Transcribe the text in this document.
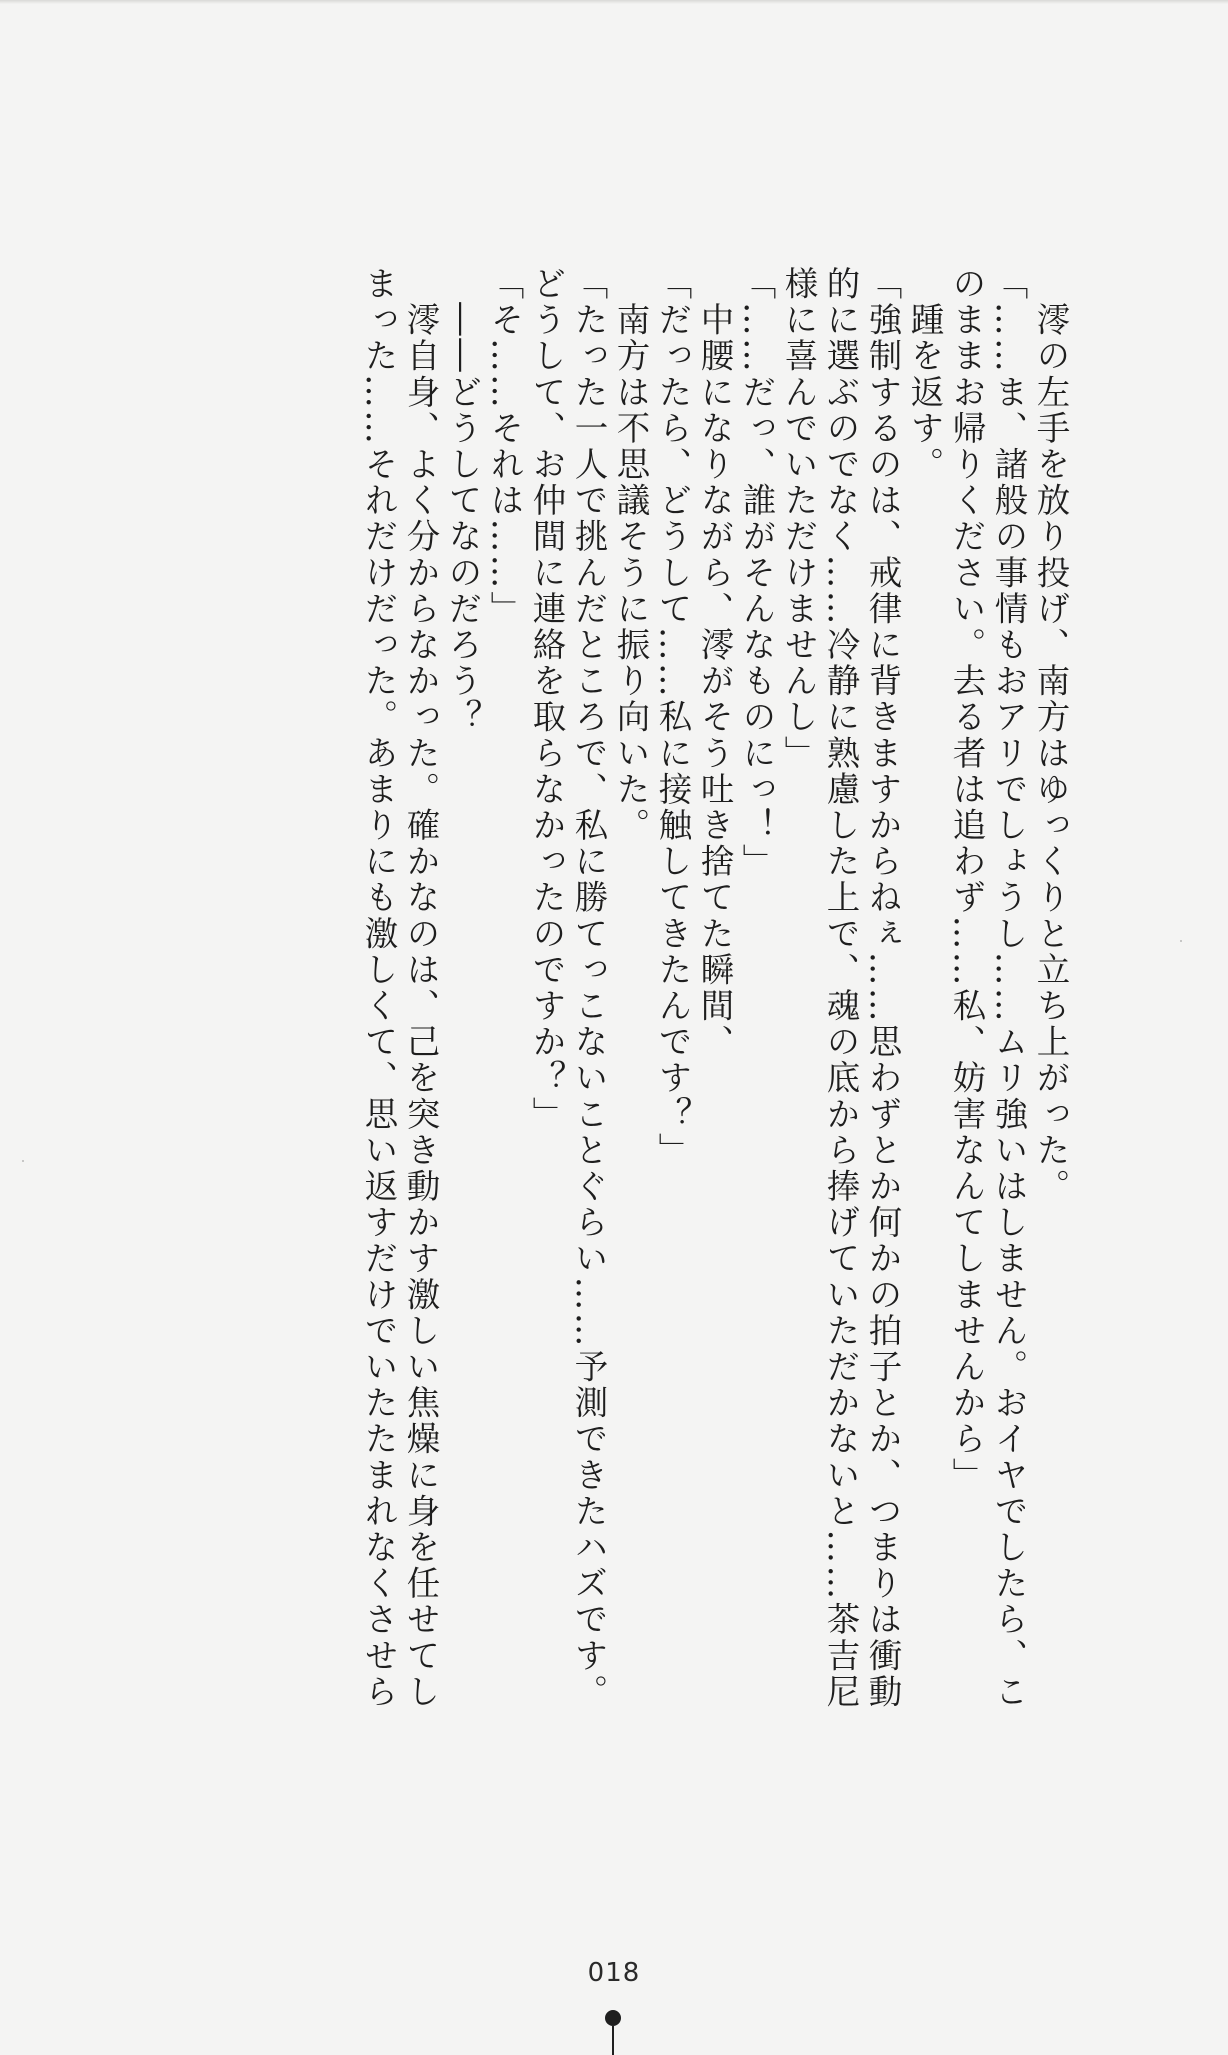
　澪の左手を放り投げ、南方はゆっくりと立ち上がった。

「……ま、諸般の事情もおアリでしょうし……ムリ強いはしません。おイヤでしたら、こ

のままお帰りください。去る者は追わず……私、妨害なんてしませんから」

　踵を返す。

「強制するのは、戒律に背きますからねぇ……思わずとか何かの拍子とか、つまりは衝動

的に選ぶのでなく……冷静に熟慮した上で、魂の底から捧げていただかないと……茶吉尼

様に喜んでいただけませんし」

「……だっ、誰がそんなものにっ！」

　中腰になりながら、澪がそう吐き捨てた瞬間、

「だったら、どうして……私に接触してきたんです？」

　南方は不思議そうに振り向いた。

「たった一人で挑んだところで、私に勝てっこないことぐらい……予測できたハズです。

どうして、お仲間に連絡を取らなかったのですか？」

「そ……それは……」

　――どうしてなのだろう？

　澪自身、よく分からなかった。確かなのは、己を突き動かす激しい焦燥に身を任せてし

まった……それだけだった。あまりにも激しくて、思い返すだけでいたたまれなくさせら

018
